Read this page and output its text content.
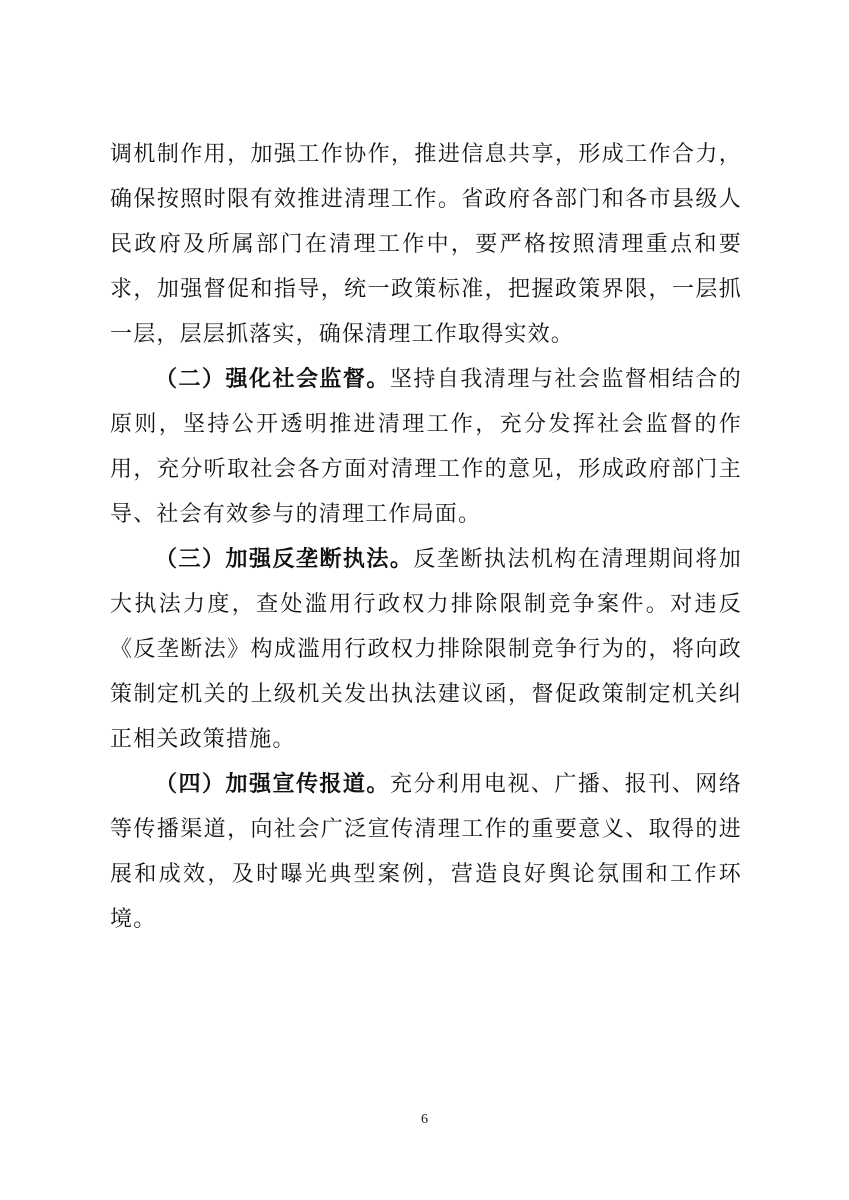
调机制作用，加强工作协作，推进信息共享，形成工作合力，确保按照时限有效推进清理工作。省政府各部门和各市县级人民政府及所属部门在清理工作中，要严格按照清理重点和要求，加强督促和指导，统一政策标准，把握政策界限，一层抓一层，层层抓落实，确保清理工作取得实效。

（二）强化社会监督。坚持自我清理与社会监督相结合的原则，坚持公开透明推进清理工作，充分发挥社会监督的作用，充分听取社会各方面对清理工作的意见，形成政府部门主导、社会有效参与的清理工作局面。

（三）加强反垄断执法。反垄断执法机构在清理期间将加大执法力度，查处滥用行政权力排除限制竞争案件。对违反《反垄断法》构成滥用行政权力排除限制竞争行为的，将向政策制定机关的上级机关发出执法建议函，督促政策制定机关纠正相关政策措施。

（四）加强宣传报道。充分利用电视、广播、报刊、网络等传播渠道，向社会广泛宣传清理工作的重要意义、取得的进展和成效，及时曝光典型案例，营造良好舆论氛围和工作环境。

6
